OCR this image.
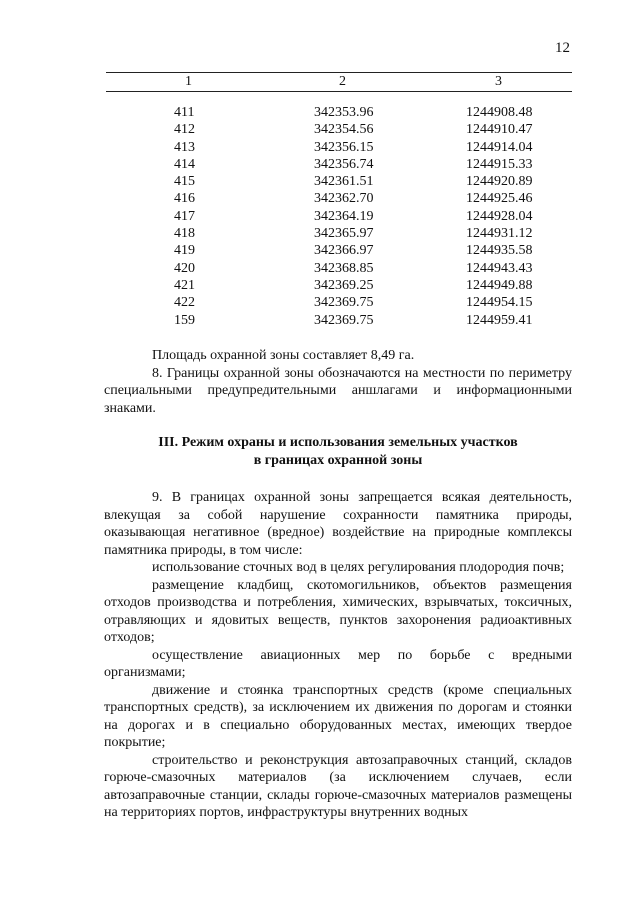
12
1	2	3
411	342353.96	1244908.48
412	342354.56	1244910.47
413	342356.15	1244914.04
414	342356.74	1244915.33
415	342361.51	1244920.89
416	342362.70	1244925.46
417	342364.19	1244928.04
418	342365.97	1244931.12
419	342366.97	1244935.58
420	342368.85	1244943.43
421	342369.25	1244949.88
422	342369.75	1244954.15
159	342369.75	1244959.41

Площадь охранной зоны составляет 8,49 га.

8. Границы охранной зоны обозначаются на местности по периметру специальными предупредительными аншлагами и информационными знаками.

III. Режим охраны и использования земельных участков
в границах охранной зоны

9. В границах охранной зоны запрещается всякая деятельность, влекущая за собой нарушение сохранности памятника природы, оказывающая негативное (вредное) воздействие на природные комплексы памятника природы, в том числе:

использование сточных вод в целях регулирования плодородия почв;

размещение кладбищ, скотомогильников, объектов размещения отходов производства и потребления, химических, взрывчатых, токсичных, отравляющих и ядовитых веществ, пунктов захоронения радиоактивных отходов;

осуществление авиационных мер по борьбе с вредными организмами;

движение и стоянка транспортных средств (кроме специальных транспортных средств), за исключением их движения по дорогам и стоянки на дорогах и в специально оборудованных местах, имеющих твердое покрытие;

строительство и реконструкция автозаправочных станций, складов горюче-смазочных материалов (за исключением случаев, если автозаправочные станции, склады горюче-смазочных материалов размещены на территориях портов, инфраструктуры внутренних водных
